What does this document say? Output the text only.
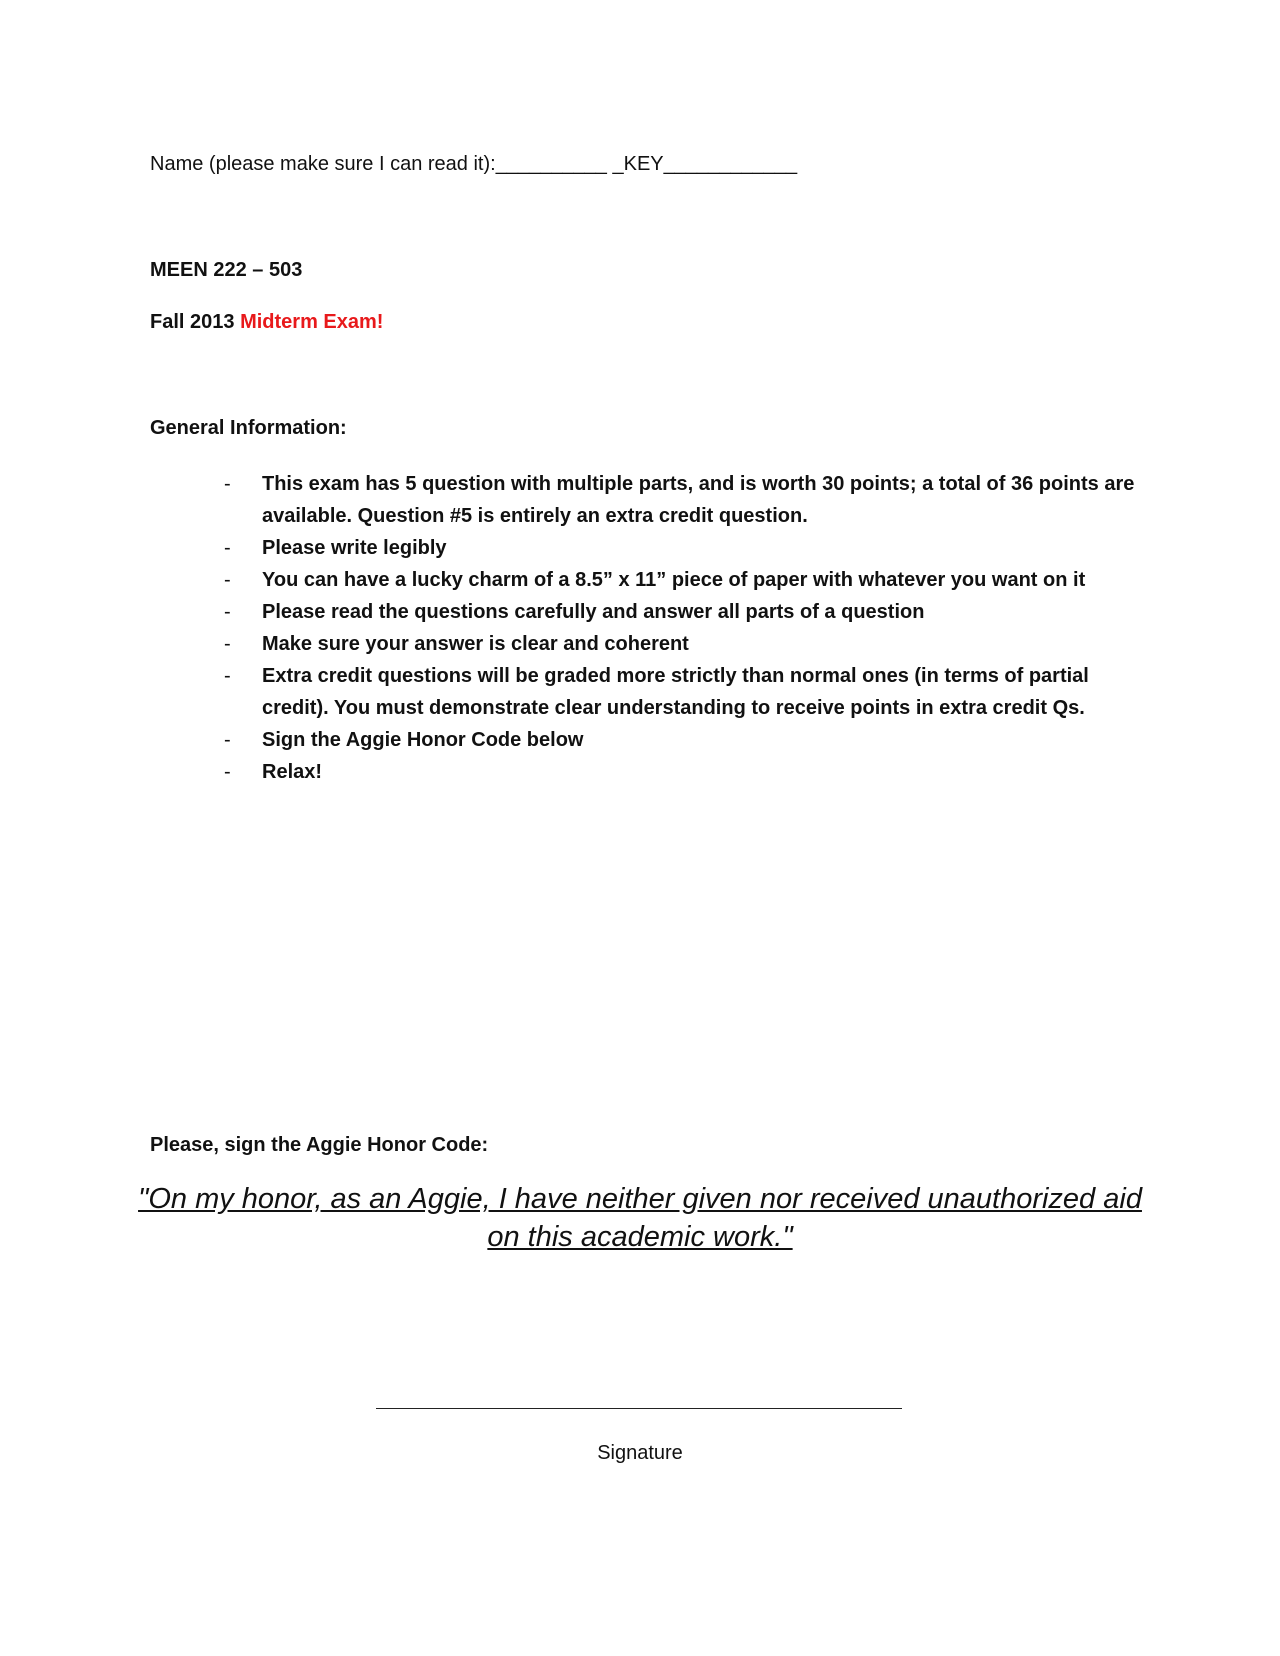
Name (please make sure I can read it):__________ _KEY____________
MEEN 222 – 503
Fall 2013 Midterm Exam!
General Information:
- This exam has 5 question with multiple parts, and is worth 30 points; a total of 36 points are available. Question #5 is entirely an extra credit question.
- Please write legibly
- You can have a lucky charm of a 8.5” x 11” piece of paper with whatever you want on it
- Please read the questions carefully and answer all parts of a question
- Make sure your answer is clear and coherent
- Extra credit questions will be graded more strictly than normal ones (in terms of partial credit). You must demonstrate clear understanding to receive points in extra credit Qs.
- Sign the Aggie Honor Code below
- Relax!
Please, sign the Aggie Honor Code:
"On my honor, as an Aggie, I have neither given nor received unauthorized aid on this academic work."
Signature
